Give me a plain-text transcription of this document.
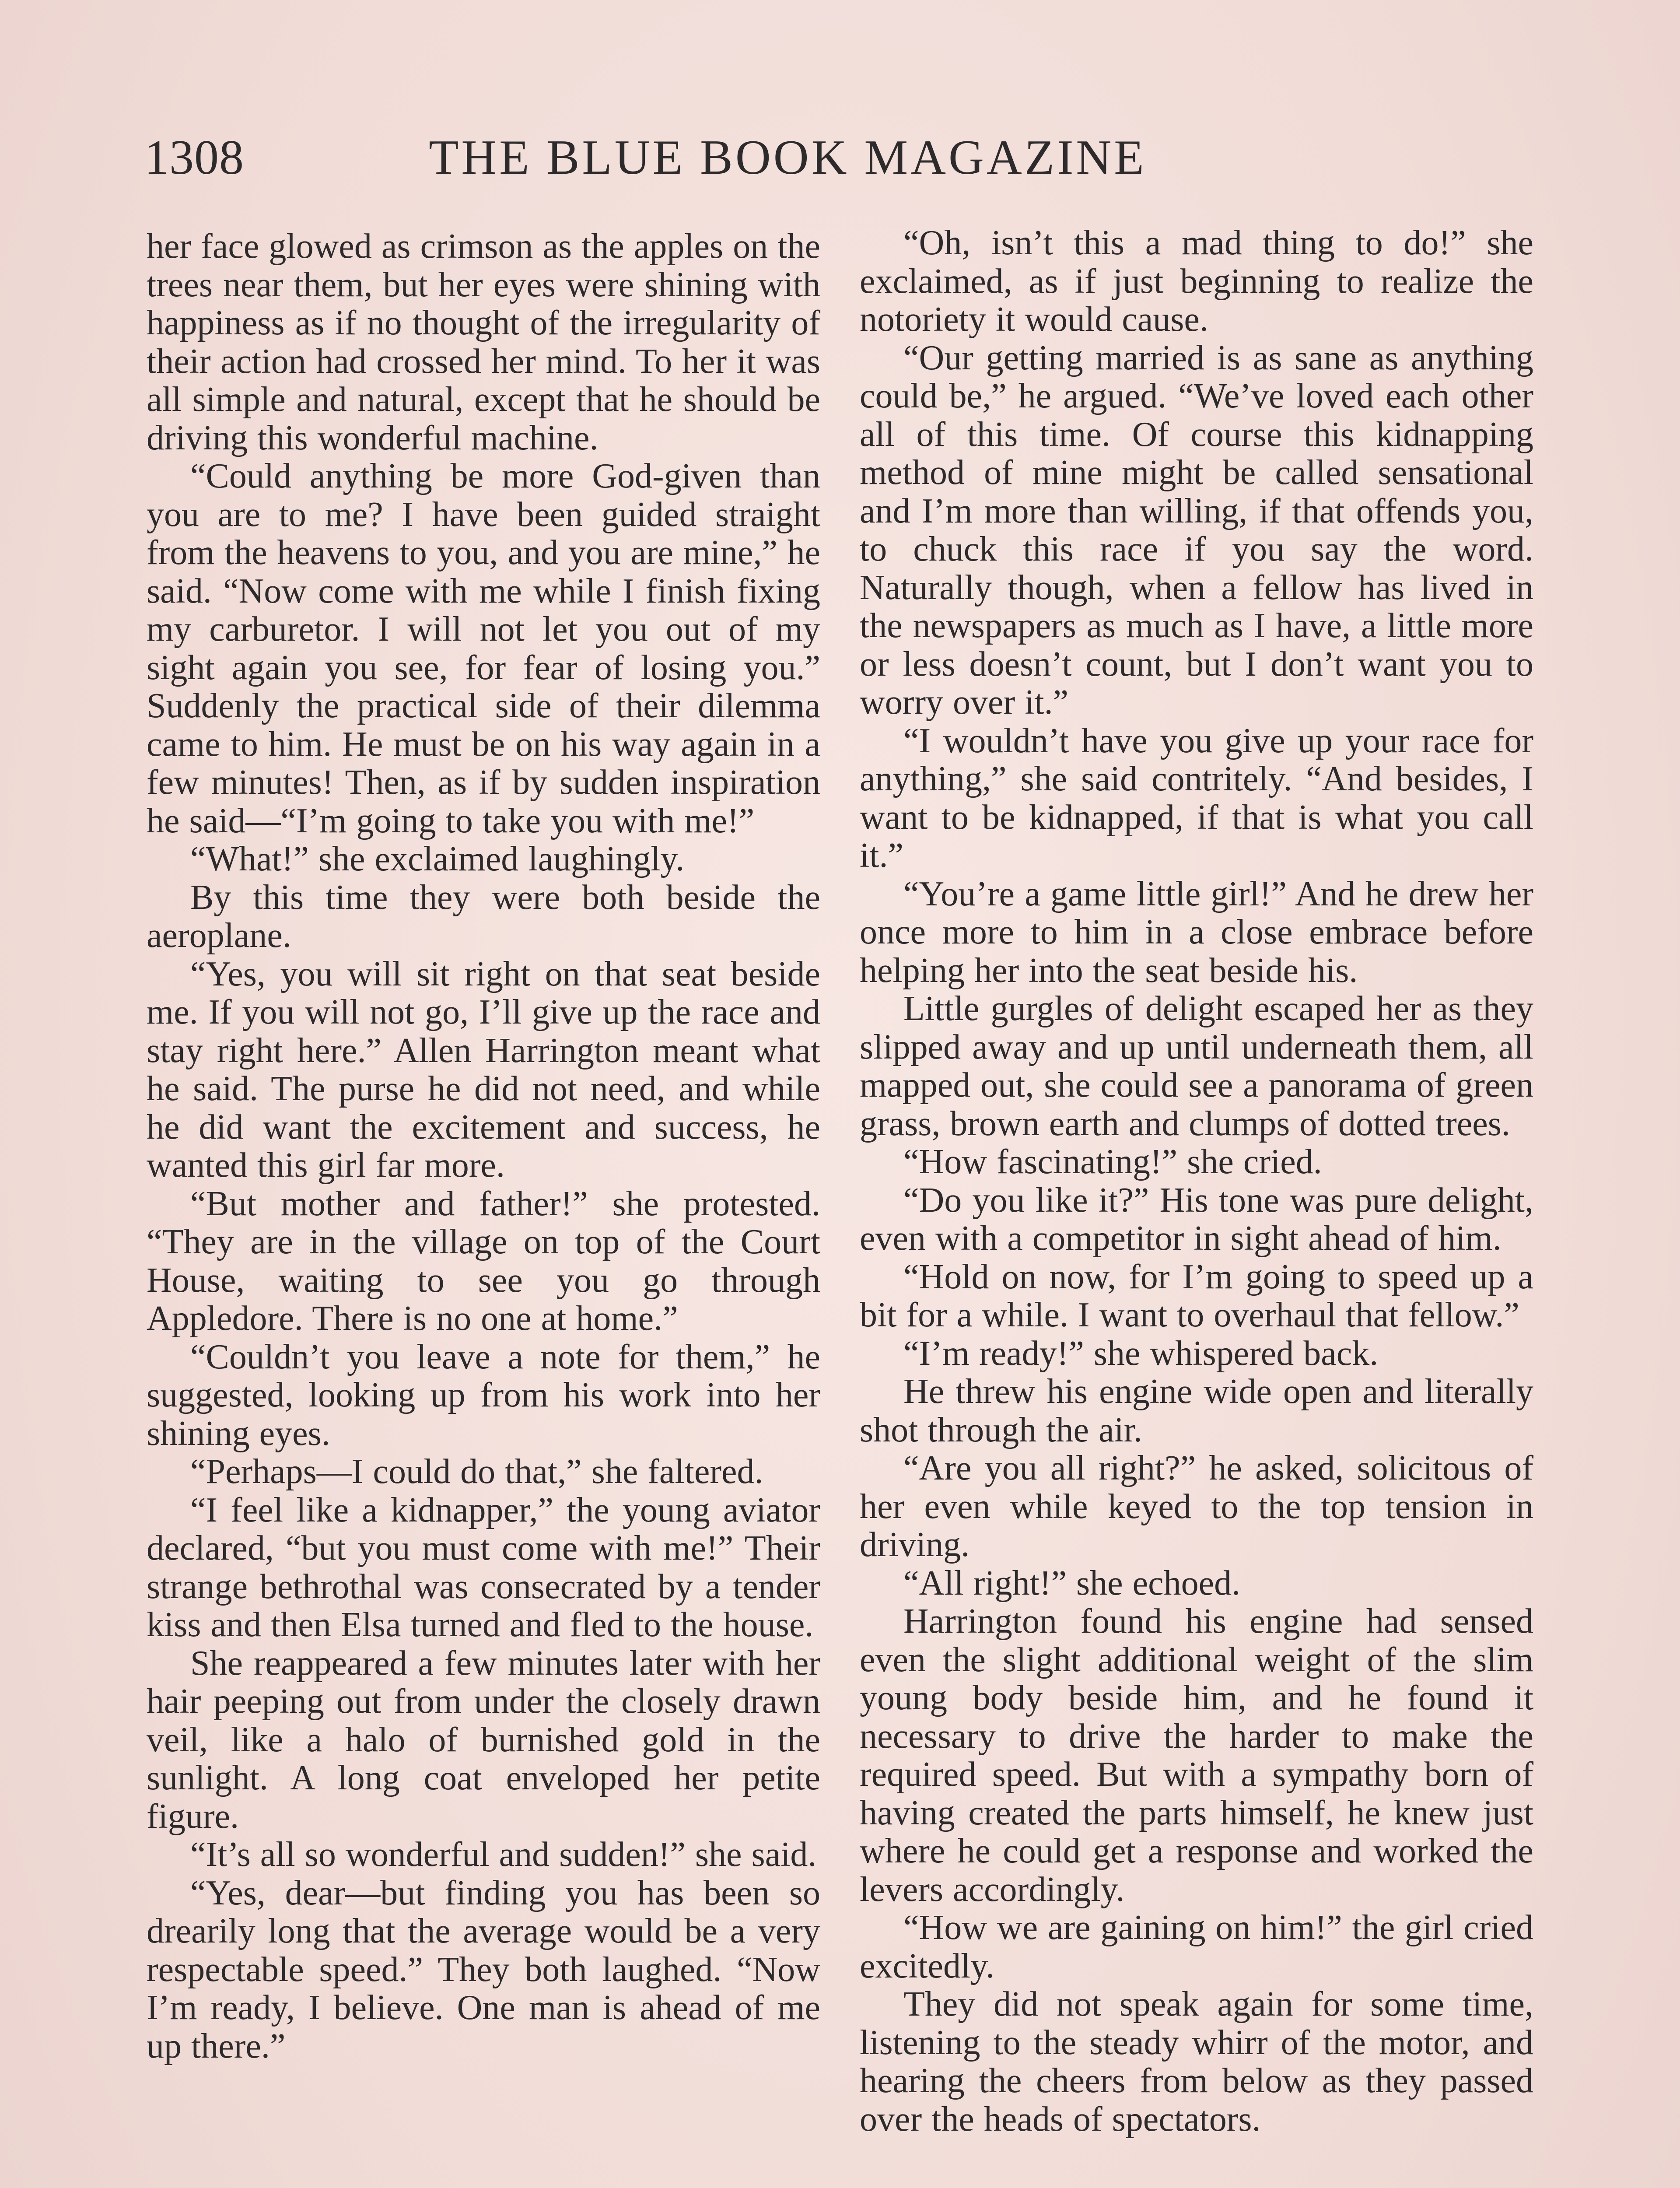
1308	THE BLUE BOOK MAGAZINE

her face glowed as crimson as the apples on the trees near them, but her eyes were shining with happiness as if no thought of the irregularity of their action had crossed her mind. To her it was all simple and natural, except that he should be driving this wonderful machine.

“Could anything be more God-given than you are to me? I have been guided straight from the heavens to you, and you are mine,” he said. “Now come with me while I finish fixing my carburetor. I will not let you out of my sight again you see, for fear of losing you.” Suddenly the practical side of their dilemma came to him. He must be on his way again in a few minutes! Then, as if by sudden inspiration he said—“I’m going to take you with me!”

“What!” she exclaimed laughingly.

By this time they were both beside the aeroplane.

“Yes, you will sit right on that seat beside me. If you will not go, I’ll give up the race and stay right here.” Allen Harrington meant what he said. The purse he did not need, and while he did want the excitement and success, he wanted this girl far more.

“But mother and father!” she protested. “They are in the village on top of the Court House, waiting to see you go through Appledore. There is no one at home.”

“Couldn’t you leave a note for them,” he suggested, looking up from his work into her shining eyes.

“Perhaps—I could do that,” she faltered.

“I feel like a kidnapper,” the young aviator declared, “but you must come with me!” Their strange bethrothal was consecrated by a tender kiss and then Elsa turned and fled to the house.

She reappeared a few minutes later with her hair peeping out from under the closely drawn veil, like a halo of burnished gold in the sunlight. A long coat enveloped her petite figure.

“It’s all so wonderful and sudden!” she said.

“Yes, dear—but finding you has been so drearily long that the average would be a very respectable speed.” They both laughed. “Now I’m ready, I believe. One man is ahead of me up there.”

“Oh, isn’t this a mad thing to do!” she exclaimed, as if just beginning to realize the notoriety it would cause.

“Our getting married is as sane as anything could be,” he argued. “We’ve loved each other all of this time. Of course this kidnapping method of mine might be called sensational and I’m more than willing, if that offends you, to chuck this race if you say the word. Naturally though, when a fellow has lived in the newspapers as much as I have, a little more or less doesn’t count, but I don’t want you to worry over it.”

“I wouldn’t have you give up your race for anything,” she said contritely. “And besides, I want to be kidnapped, if that is what you call it.”

“You’re a game little girl!” And he drew her once more to him in a close embrace before helping her into the seat beside his.

Little gurgles of delight escaped her as they slipped away and up until underneath them, all mapped out, she could see a panorama of green grass, brown earth and clumps of dotted trees.

“How fascinating!” she cried.

“Do you like it?” His tone was pure delight, even with a competitor in sight ahead of him.

“Hold on now, for I’m going to speed up a bit for a while. I want to overhaul that fellow.”

“I’m ready!” she whispered back.

He threw his engine wide open and literally shot through the air.

“Are you all right?” he asked, solicitous of her even while keyed to the top tension in driving.

“All right!” she echoed.

Harrington found his engine had sensed even the slight additional weight of the slim young body beside him, and he found it necessary to drive the harder to make the required speed. But with a sympathy born of having created the parts himself, he knew just where he could get a response and worked the levers accordingly.

“How we are gaining on him!” the girl cried excitedly.

They did not speak again for some time, listening to the steady whirr of the motor, and hearing the cheers from below as they passed over the heads of spectators.
